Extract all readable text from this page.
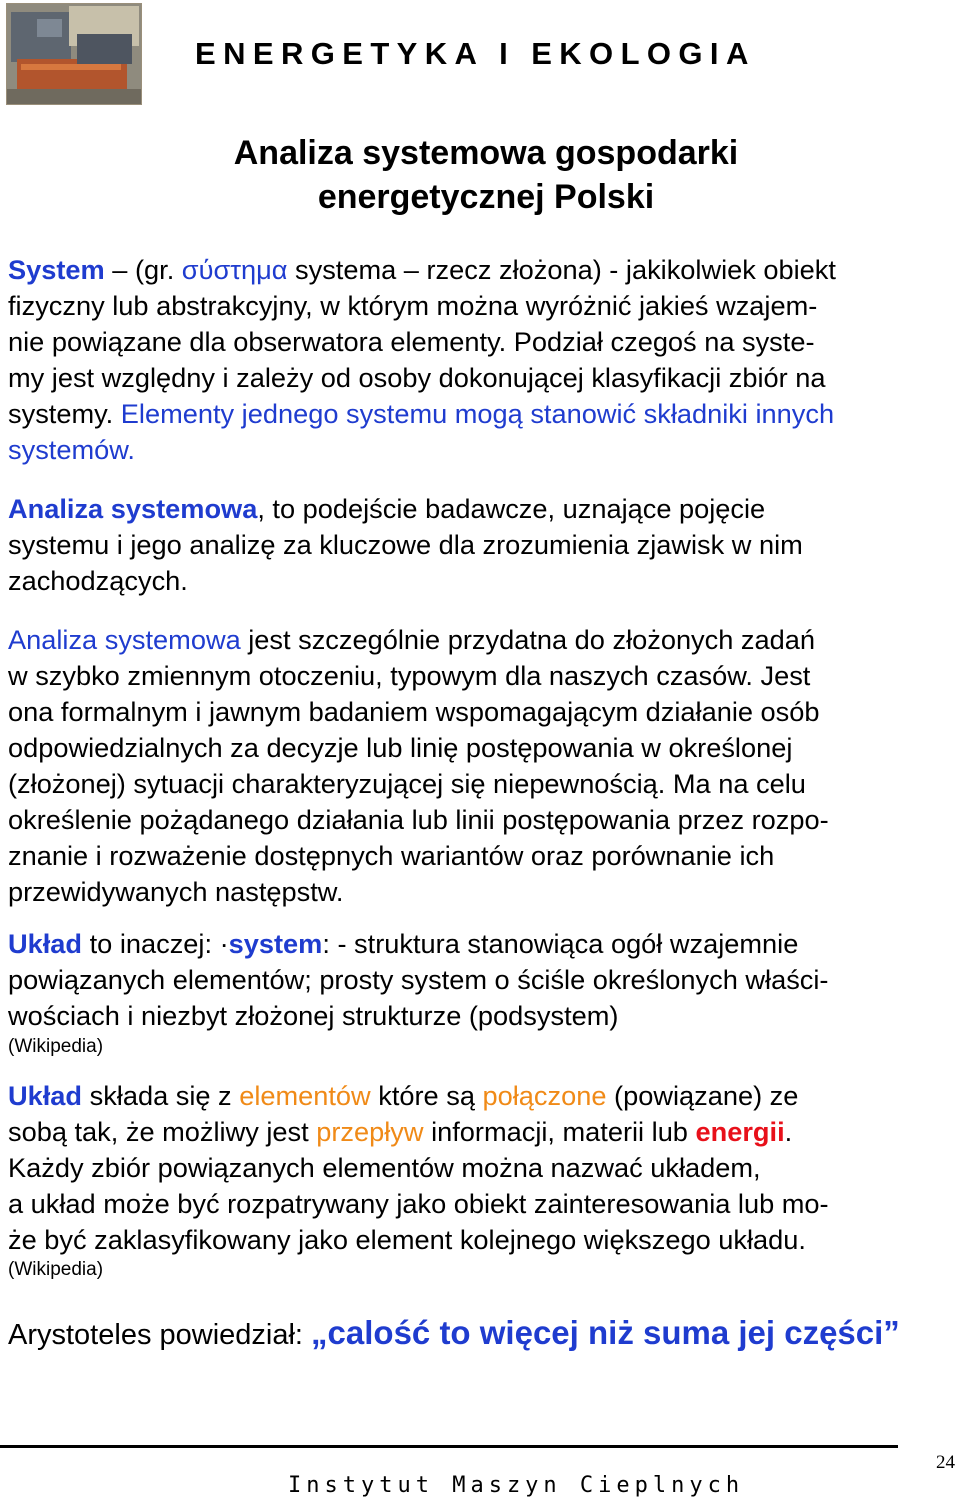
ENERGETYKA I EKOLOGIA
Analiza systemowa gospodarki
energetycznej Polski
System – (gr. σύστημα systema – rzecz złożona) - jakikolwiek obiekt
fizyczny lub abstrakcyjny, w którym można wyróżnić jakieś wzajem-
nie powiązane dla obserwatora elementy. Podział czegoś na syste-
my jest względny i zależy od osoby dokonującej klasyfikacji zbiór na
systemy. Elementy jednego systemu mogą stanowić składniki innych
systemów.
Analiza systemowa, to podejście badawcze, uznające pojęcie
systemu i jego analizę za kluczowe dla zrozumienia zjawisk w nim
zachodzących.
Analiza systemowa jest szczególnie przydatna do złożonych zadań
w szybko zmiennym otoczeniu, typowym dla naszych czasów. Jest
ona formalnym i jawnym badaniem wspomagającym działanie osób
odpowiedzialnych za decyzje lub linię postępowania w określonej
(złożonej) sytuacji charakteryzującej się niepewnością. Ma na celu
określenie pożądanego działania lub linii postępowania przez rozpo-
znanie i rozważenie dostępnych wariantów oraz porównanie ich
przewidywanych następstw.
Układ to inaczej: ·system: - struktura stanowiąca ogół wzajemnie
powiązanych elementów; prosty system o ściśle określonych właści-
wościach i niezbyt złożonej strukturze (podsystem)
(Wikipedia)
Układ składa się z elementów które są połączone (powiązane) ze
sobą tak, że możliwy jest przepływ informacji, materii lub energii.
Każdy zbiór powiązanych elementów można nazwać układem,
a układ może być rozpatrywany jako obiekt zainteresowania lub mo-
że być zaklasyfikowany jako element kolejnego większego układu.
(Wikipedia)
Arystoteles powiedział: „calość to więcej niż suma jej części”
24
Instytut Maszyn Cieplnych
